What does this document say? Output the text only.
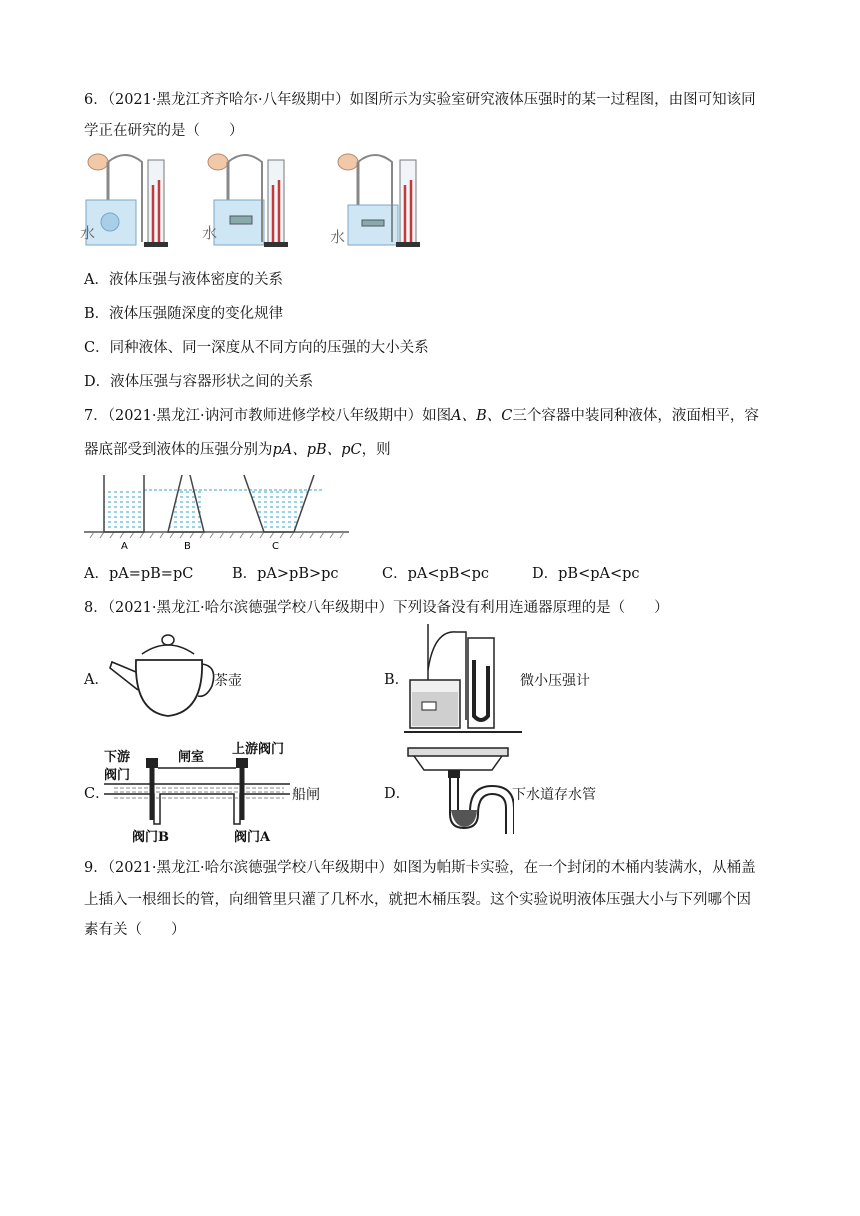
6．（2021·黑龙江齐齐哈尔·八年级期中）如图所示为实验室研究液体压强时的某一过程图，由图可知该同
学正在研究的是（　　）
水	水	水
A．液体压强与液体密度的关系
B．液体压强随深度的变化规律
C．同种液体、同一深度从不同方向的压强的大小关系
D．液体压强与容器形状之间的关系
7．（2021·黑龙江·讷河市教师进修学校八年级期中）如图A、B、C三个容器中装同种液体，液面相平，容
器底部受到液体的压强分别为pA、pB、pC，则
A	B	C
A．pA=pB=pC	B．pA>pB>pc	C．pA<pB<pc	D．pB<pA<pc
8．（2021·黑龙江·哈尔滨德强学校八年级期中）下列设备没有利用连通器原理的是（　　）
A．	茶壶	B．	微小压强计
C．
下游
阀门
闸室
上游阀门
阀门B	阀门A
船闸	D．	下水道存水管
9．（2021·黑龙江·哈尔滨德强学校八年级期中）如图为帕斯卡实验，在一个封闭的木桶内装满水，从桶盖
上插入一根细长的管，向细管里只灌了几杯水，就把木桶压裂。这个实验说明液体压强大小与下列哪个因
素有关（　　）
